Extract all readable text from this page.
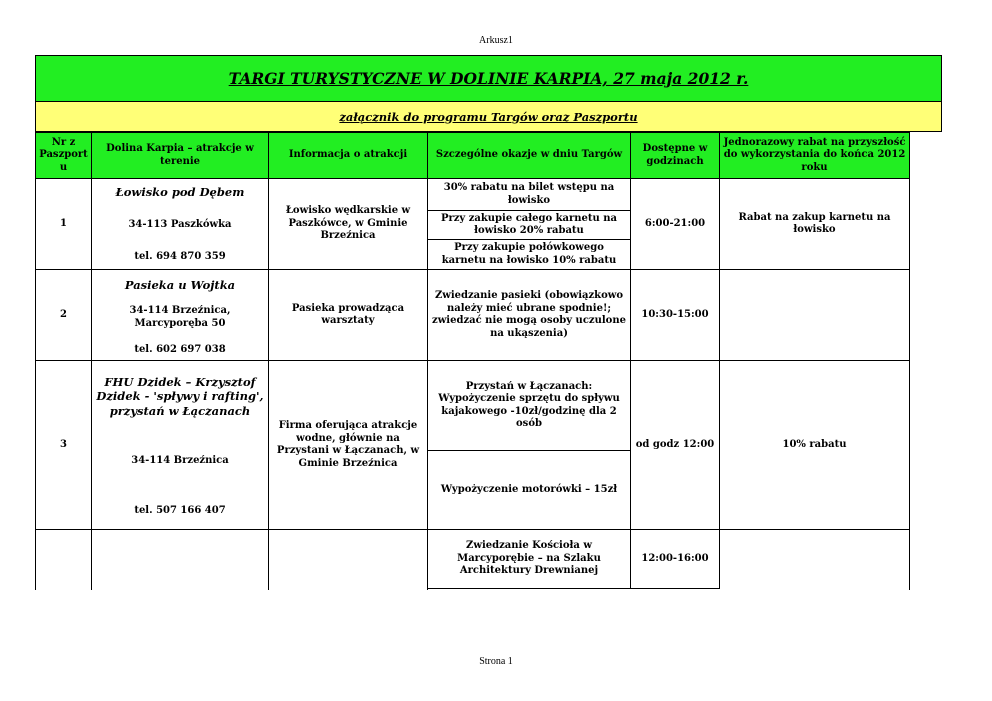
Arkusz1
TARGI TURYSTYCZNE W DOLINIE KARPIA, 27 maja 2012 r.
załącznik do programu Targów oraz Paszportu
Nr z Paszport u
Dolina Karpia – atrakcje w terenie
Informacja o atrakcji	Szczególne okazje w dniu Targów
Dostępne w godzinach
Jednorazowy rabat na przyszłość do wykorzystania do końca 2012 roku
1
Łowisko pod Dębem
34-113 Paszkówka
tel. 694 870 359
Łowisko wędkarskie w Paszkówce, w Gminie Brzeźnica
30% rabatu na bilet wstępu na łowisko
Przy zakupie całego karnetu na łowisko 20% rabatu
Przy zakupie połówkowego karnetu na łowisko 10% rabatu
6:00-21:00
Rabat na zakup karnetu na łowisko
2
Pasieka u Wojtka
34-114 Brzeźnica, Marcyporęba 50
tel. 602 697 038
Pasieka prowadząca warsztaty
Zwiedzanie pasieki (obowiązkowo należy mieć ubrane spodnie!; zwiedzać nie mogą osoby uczulone na ukąszenia)
10:30-15:00
3
FHU Dzidek – Krzysztof Dzidek - 'spływy i rafting', przystań w Łączanach
34-114 Brzeźnica
tel. 507 166 407
Firma oferująca atrakcje wodne, głównie na Przystani w Łączanach, w Gminie Brzeźnica
Przystań w Łączanach: Wypożyczenie sprzętu do spływu kajakowego -10zł/godzinę dla 2 osób
Wypożyczenie motorówki – 15zł
od godz 12:00	10% rabatu
Zwiedzanie Kościoła w Marcyporębie – na Szlaku Architektury Drewnianej
12:00-16:00
Strona 1
